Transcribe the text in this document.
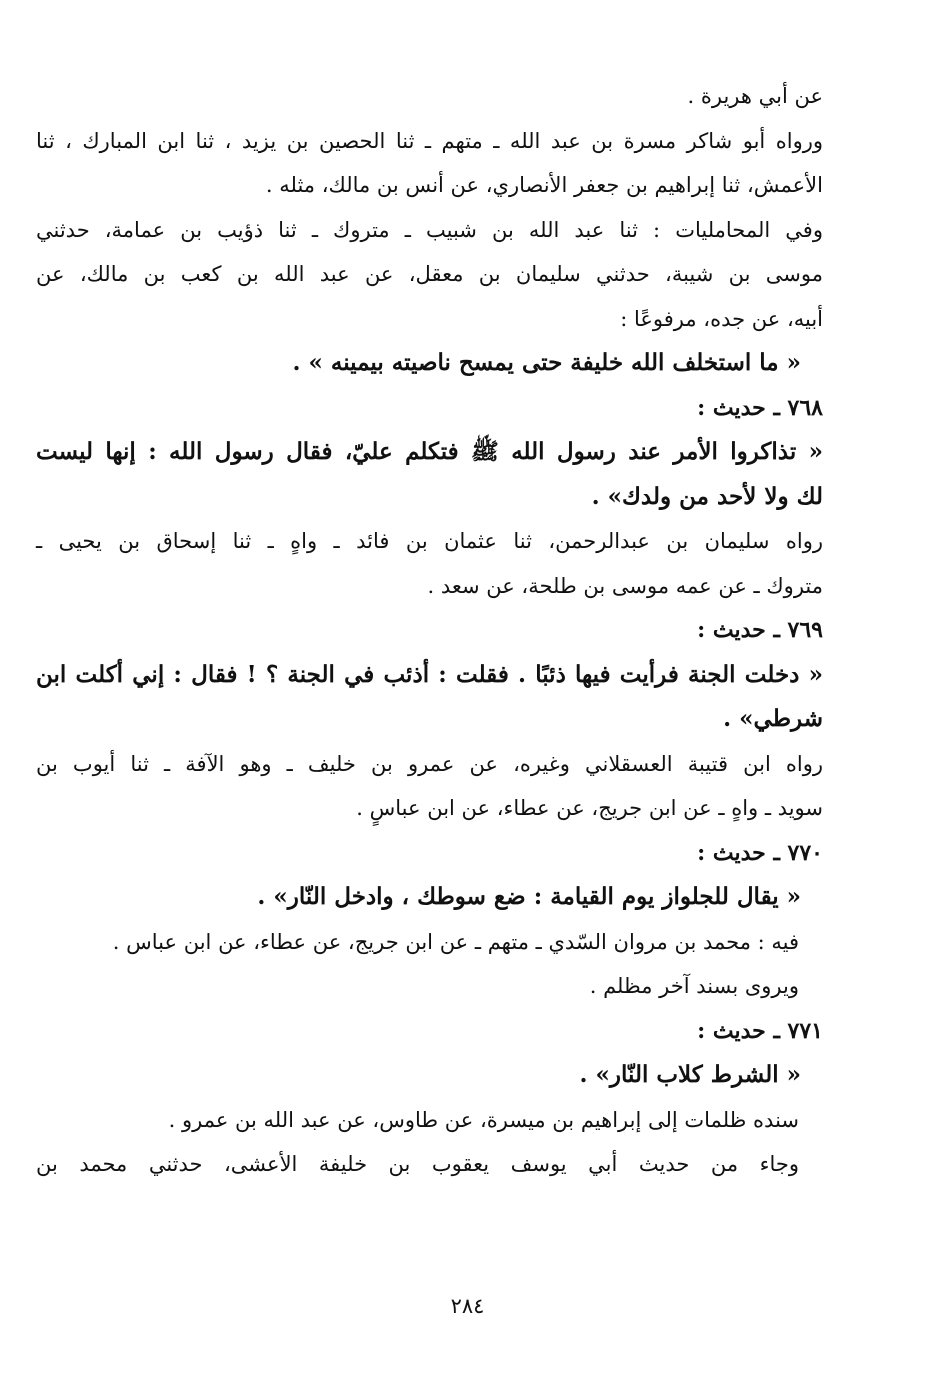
عن أبي هريرة .
ورواه أبو شاكر مسرة بن عبد الله ـ متهم ـ ثنا الحصين بن يزيد ، ثنا ابن المبارك ، ثنا
الأعمش، ثنا إبراهيم بن جعفر الأنصاري، عن أنس بن مالك، مثله .
وفي المحامليات : ثنا عبد الله بن شبيب ـ متروك ـ ثنا ذؤيب بن عمامة، حدثني
موسى بن شيبة، حدثني سليمان بن معقل، عن عبد الله بن كعب بن مالك، عن
أبيه، عن جده، مرفوعًا :
« ما استخلف الله خليفة حتى يمسح ناصيته بيمينه » .
٧٦٨ ـ حديث :
« تذاكروا الأمر عند رسول الله ﷺ فتكلم عليّ، فقال رسول الله : إنها ليست
لك ولا لأحد من ولدك» .
رواه سليمان بن عبدالرحمن، ثنا عثمان بن فائد ـ واهٍ ـ ثنا إسحاق بن يحيى ـ
متروك ـ عن عمه موسى بن طلحة، عن سعد .
٧٦٩ ـ حديث :
« دخلت الجنة فرأيت فيها ذئبًا . فقلت : أذئب في الجنة ؟ ! فقال : إني أكلت ابن
شرطي» .
رواه ابن قتيبة العسقلاني وغيره، عن عمرو بن خليف ـ وهو الآفة ـ ثنا أيوب بن
سويد ـ واهٍ ـ عن ابن جريج، عن عطاء، عن ابن عباسٍ .
٧٧٠ ـ حديث :
« يقال للجلواز يوم القيامة : ضع سوطك ، وادخل النّار» .
فيه : محمد بن مروان السّدي ـ متهم ـ عن ابن جريج، عن عطاء، عن ابن عباس .
ويروى بسند آخر مظلم .
٧٧١ ـ حديث :
« الشرط كلاب النّار» .
سنده ظلمات إلى إبراهيم بن ميسرة، عن طاوس، عن عبد الله بن عمرو .
وجاء من حديث أبي يوسف يعقوب بن خليفة الأعشى، حدثني محمد بن
٢٨٤
